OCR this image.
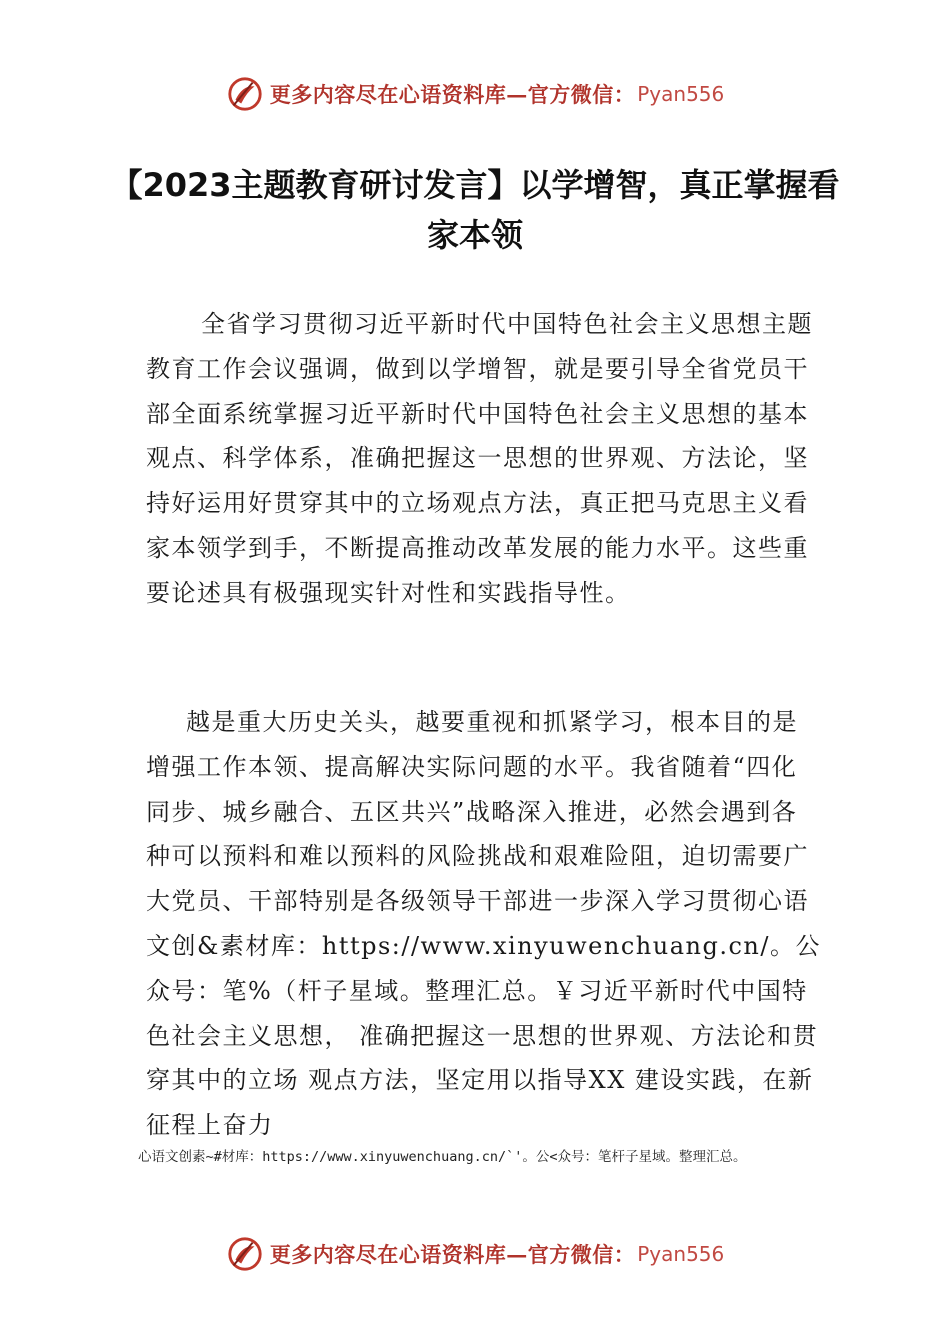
更多内容尽在心语资料库—官方微信： Pyan556
【2023主题教育研讨发言】以学增智，真正掌握看家本领

全省学习贯彻习近平新时代中国特色社会主义思想主题教育工作会议强调，做到以学增智，就是要引导全省党员干部全面系统掌握习近平新时代中国特色社会主义思想的基本观点、科学体系，准确把握这一思想的世界观、方法论，坚持好运用好贯穿其中的立场观点方法，真正把马克思主义看家本领学到手，不断提高推动改革发展的能力水平。这些重要论述具有极强现实针对性和实践指导性。

越是重大历史关头，越要重视和抓紧学习，根本目的是增强工作本领、提高解决实际问题的水平。我省随着“四化同步、城乡融合、五区共兴”战略深入推进，必然会遇到各种可以预料和难以预料的风险挑战和艰难险阻，迫切需要广大党员、干部特别是各级领导干部进一步深入学习贯彻心语文创&素材库：https://www.xinyuwenchuang.cn/。公众号：笔%（杆子星域。整理汇总。￥习近平新时代中国特色社会主义思想， 准确把握这一思想的世界观、方法论和贯穿其中的立场 观点方法，坚定用以指导XX 建设实践，在新征程上奋力

心语文创素~#材库：https://www.xinyuwenchuang.cn/`'。公<众号：笔杆子星域。整理汇总。

更多内容尽在心语资料库—官方微信： Pyan556
